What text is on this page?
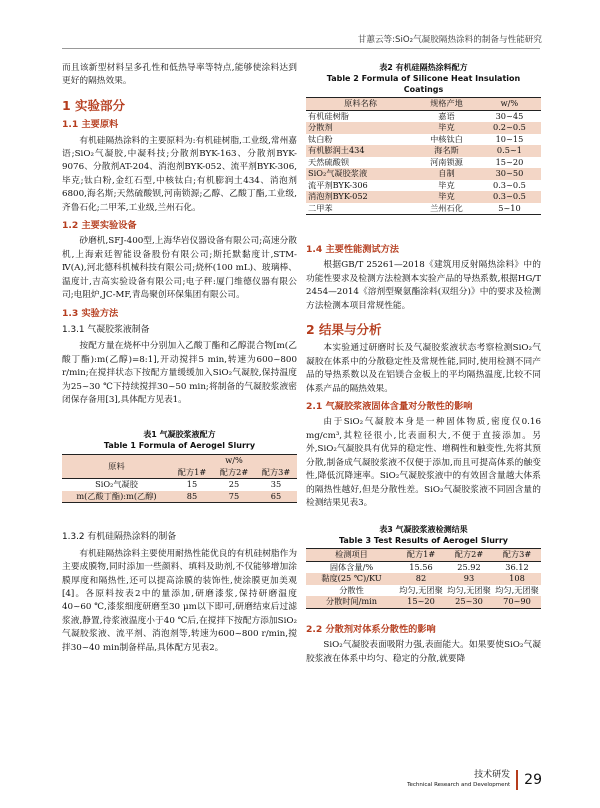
甘蕙云等:SiO₂气凝胶隔热涂料的制备与性能研究

而且该新型材料呈多孔性和低热导率等特点,能够使涂料达到更好的隔热效果。

1 实验部分
1.1 主要原料

有机硅隔热涂料的主要原料为:有机硅树脂,工业级,常州嘉语;SiO₂气凝胶,中凝科技;分散剂BYK-163、分散剂BYK-9076、分散剂AT-204、消泡剂BYK-052、流平剂BYK-306,毕克;钛白粉,金红石型,中核钛白;有机膨润土434、消泡剂6800,海名斯;天然硫酸钡,河南锁源;乙醇、乙酸丁酯,工业级,齐鲁石化;二甲苯,工业级,兰州石化。

1.2 主要实验设备

砂磨机,SFJ-400型,上海华岩仪器设备有限公司;高速分散机,上海索廷智能设备股份有限公司;斯托默黏度计,STM-Ⅳ(A),河北德科机械科技有限公司;烧杯(100 mL)、玻璃棒、温度计,吉高实验设备有限公司;电子秤:厦门维德仪器有限公司;电阻炉,JC-MF,青岛聚创环保集团有限公司。

1.3 实验方法
1.3.1 气凝胶浆液制备

按配方量在烧杯中分别加入乙酸丁酯和乙醇混合物[m(乙酸丁酯):m(乙醇)=8:1],开动搅拌5 min,转速为600~800 r/min;在搅拌状态下按配方量缓缓加入SiO₂气凝胶,保持温度为25~30 ℃下持续搅拌30~50 min;将制备的气凝胶浆液密闭保存备用[3],具体配方见表1。

表1 气凝胶浆液配方
Table 1 Formula of Aerogel Slurry
原料	w/%		
	配方1#	配方2#	配方3#
SiO₂气凝胶	15	25	35
m(乙酸丁酯):m(乙醇)	85	75	65
1.3.2 有机硅隔热涂料的制备

有机硅隔热涂料主要使用耐热性能优良的有机硅树脂作为主要成膜物,同时添加一些颜料、填料及助剂,不仅能够增加涂膜厚度和隔热性,还可以提高涂膜的装饰性,使涂膜更加美观[4]。各原料按表2中的量添加,研磨漆浆,保持研磨温度40~60 ℃,漆浆细度研磨至30 μm以下即可,研磨结束后过滤浆液,静置,待浆液温度小于40 ℃后,在搅拌下按配方添加SiO₂气凝胶浆液、流平剂、消泡剂等,转速为600~800 r/min,搅拌30~40 min制备样品,具体配方见表2。

表2 有机硅隔热涂料配方
Table 2 Formula of Silicone Heat Insulation Coatings
原料名称	规格产地	w/%
有机硅树脂	嘉语	30~45
分散剂	毕克	0.2~0.5
钛白粉	中核钛白	10~15
有机膨润土434	海名斯	0.5~1
天然硫酸钡	河南锁源	15~20
SiO₂气凝胶浆液	自制	30~50
流平剂BYK-306	毕克	0.3~0.5
消泡剂BYK-052	毕克	0.3~0.5
二甲苯	兰州石化	5~10
1.4 主要性能测试方法

根据GB/T 25261—2018《建筑用反射隔热涂料》中的功能性要求及检测方法检测本实验产品的导热系数,根据HG/T 2454—2014《溶剂型聚氨酯涂料(双组分)》中的要求及检测方法检测本项目常规性能。

2 结果与分析

本实验通过研磨时长及气凝胶浆液状态考察检测SiO₂气凝胶在体系中的分散稳定性及常规性能,同时,使用检测不同产品的导热系数以及在铝镁合金板上的平均隔热温度,比较不同体系产品的隔热效果。

2.1 气凝胶浆液固体含量对分散性的影响

由于SiO₂气凝胶本身是一种固体物质,密度仅0.16 mg/cm³,其粒径很小,比表面积大,不便于直接添加。另外,SiO₂气凝胶具有优异的稳定性、增稠性和触变性,先将其预分散,制备成气凝胶浆液不仅便于添加,而且可提高体系的触变性,降低沉降速率。SiO₂气凝胶浆液中的有效固含量越大体系的隔热性越好,但是分散性差。SiO₂气凝胶浆液不同固含量的检测结果见表3。

表3 气凝胶浆液检测结果
Table 3 Test Results of Aerogel Slurry
检测项目	配方1#	配方2#	配方3#
固体含量/%	15.56	25.92	36.12
黏度(25 ℃)/KU	82	93	108
分散性	均匀,无团聚	均匀,无团聚	均匀,无团聚
分散时间/min	15~20	25~30	70~90
2.2 分散剂对体系分散性的影响

SiO₂气凝胶表面吸附力强,表面能大。如果要使SiO₂气凝胶浆液在体系中均匀、稳定的分散,就要降

技术研发
Technical Research and Development 29
